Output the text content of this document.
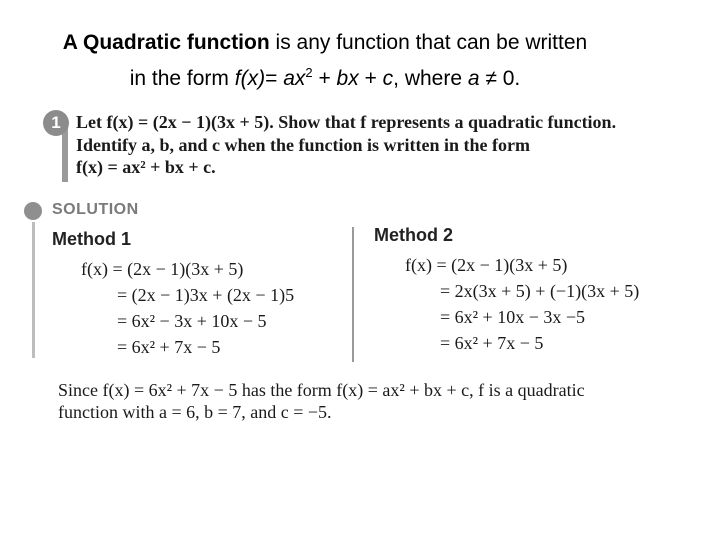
A Quadratic function is any function that can be written
in the form $f(x)= ax^2$ + bx + c, where a ≠ 0.
1 Let f(x) = (2x − 1)(3x + 5). Show that f represents a quadratic function.
Identify a, b, and c when the function is written in the form
f(x) = ax² + bx + c.
SOLUTION
Method 1
f(x) = (2x − 1)(3x + 5)
= (2x − 1)3x + (2x − 1)5
= 6x² − 3x + 10x − 5
= 6x² + 7x − 5
Method 2
f(x) = (2x − 1)(3x + 5)
= 2x(3x + 5) + (−1)(3x + 5)
= 6x² + 10x − 3x −5
= 6x² + 7x − 5
Since f(x) = 6x² + 7x − 5 has the form f(x) = ax² + bx + c, f is a quadratic
function with a = 6, b = 7, and c = −5.
